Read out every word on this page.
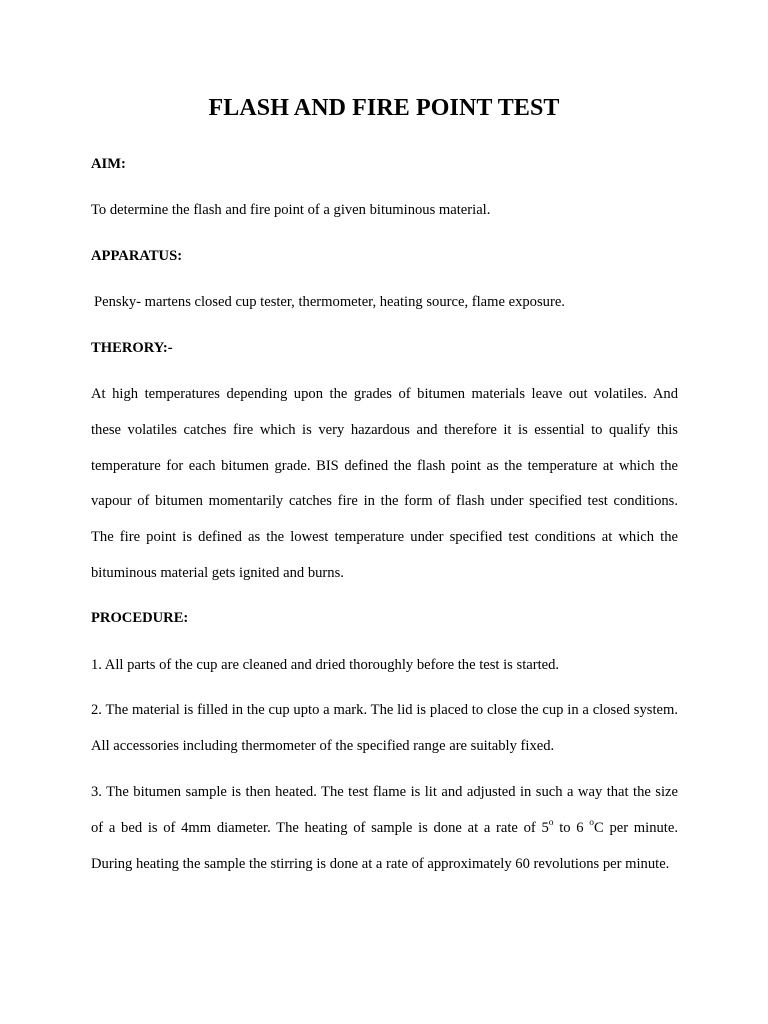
FLASH AND FIRE POINT TEST
AIM:
To determine the flash and fire point of a given bituminous material.
APPARATUS:
Pensky- martens closed cup tester, thermometer, heating source, flame exposure.
THERORY:-
At high temperatures depending upon the grades of bitumen materials leave out volatiles. And
these volatiles catches fire which is very hazardous and therefore it is essential to qualify this
temperature for each bitumen grade. BIS defined the flash point as the temperature at which the
vapour of bitumen momentarily catches fire in the form of flash under specified test conditions.
The fire point is defined as the lowest temperature under specified test conditions at which the
bituminous material gets ignited and burns.
PROCEDURE:
1. All parts of the cup are cleaned and dried thoroughly before the test is started.
2. The material is filled in the cup upto a mark. The lid is placed to close the cup in a closed system.
All accessories including thermometer of the specified range are suitably fixed.
3. The bitumen sample is then heated. The test flame is lit and adjusted in such a way that the size
of a bed is of 4mm diameter. The heating of sample is done at a rate of 5$^o$ to 6 $^o$C per minute.
During heating the sample the stirring is done at a rate of approximately 60 revolutions per minute.
